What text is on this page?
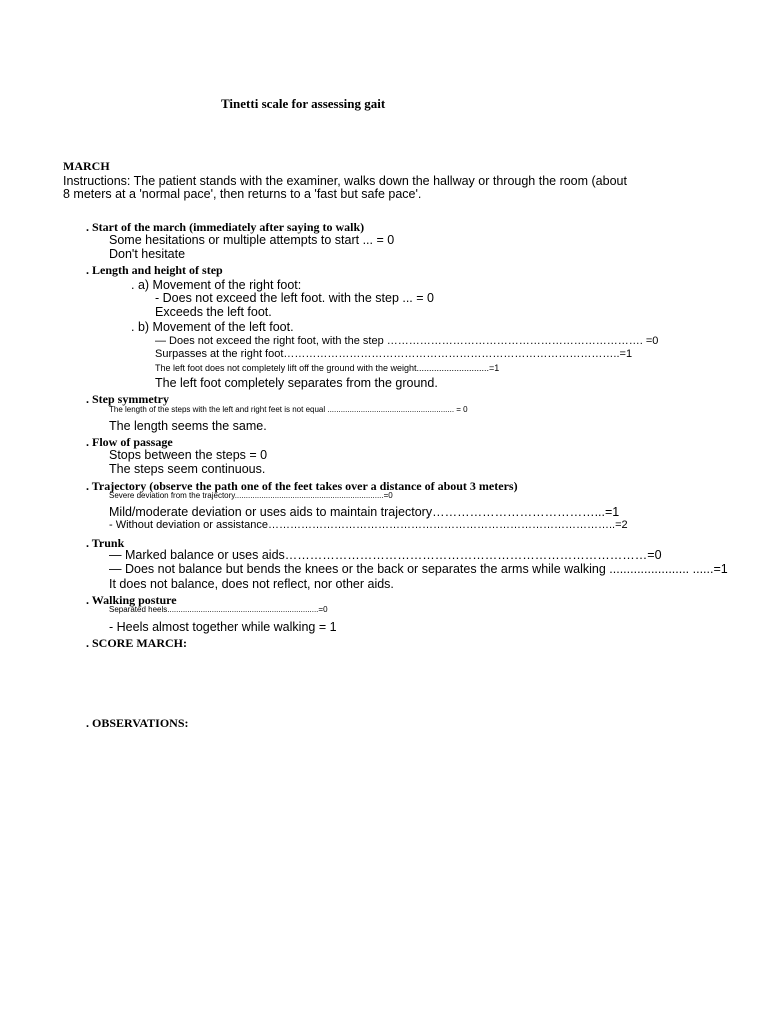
Tinetti scale for assessing gait
MARCH
Instructions: The patient stands with the examiner, walks down the hallway or through the room (about
8 meters at a 'normal pace', then returns to a 'fast but safe pace'.
. Start of the march (immediately after saying to walk)
Some hesitations or multiple attempts to start ... = 0
Don't hesitate
. Length and height of step
. a) Movement of the right foot:
- Does not exceed the left foot. with the step ... = 0
Exceeds the left foot.
. b) Movement of the left foot.
— Does not exceed the right foot, with the step ……………………………………………………………. =0
Surpasses at the right foot………………………………………………………………………………..=1
The left foot does not completely lift off the ground with the weight.............................=1
The left foot completely separates from the ground.
. Step symmetry
The length of the steps with the left and right feet is not equal ......................................................... = 0
The length seems the same.
. Flow of passage
Stops between the steps = 0
The steps seem continuous.
. Trajectory (observe the path one of the feet takes over a distance of about 3 meters)
Severe deviation from the trajectory...................................................................=0
Mild/moderate deviation or uses aids to maintain trajectory…………………………………...=1
- Without deviation or assistance…………………………………………………………………………………..=2
. Trunk
— Marked balance or uses aids……………………………………………………………………………=0
— Does not balance but bends the knees or the back or separates the arms while walking ....................... ......=1
It does not balance, does not reflect, nor other aids.
. Walking posture
Separated heels....................................................................=0
- Heels almost together while walking = 1
. SCORE MARCH:
. OBSERVATIONS:
